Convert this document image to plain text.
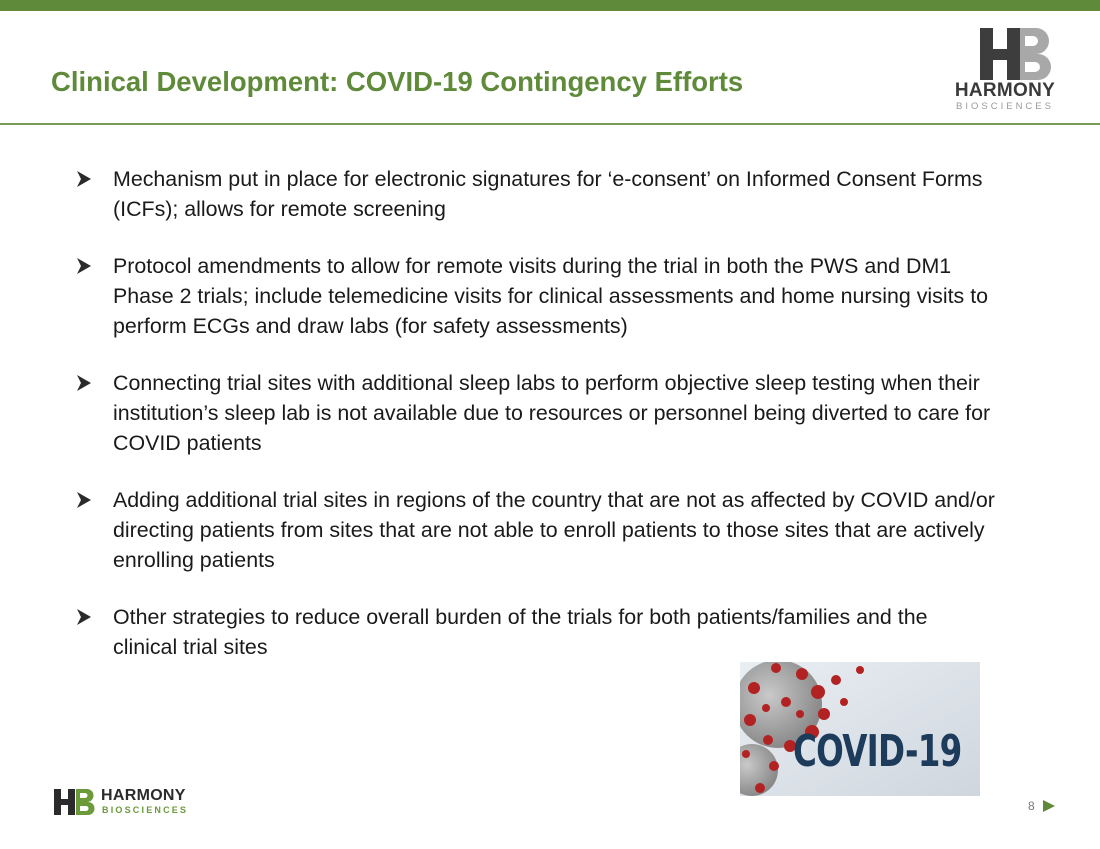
Clinical Development: COVID-19 Contingency Efforts	HARMONY
BIOSCIENCES
Mechanism put in place for electronic signatures for ‘e-consent’ on Informed Consent Forms (ICFs); allows for remote screening
Protocol amendments to allow for remote visits during the trial in both the PWS and DM1 Phase 2 trials; include telemedicine visits for clinical assessments and home nursing visits to perform ECGs and draw labs (for safety assessments)
Connecting trial sites with additional sleep labs to perform objective sleep testing when their institution’s sleep lab is not available due to resources or personnel being diverted to care for COVID patients
Adding additional trial sites in regions of the country that are not as affected by COVID and/or directing patients from sites that are not able to enroll patients to those sites that are actively enrolling patients
Other strategies to reduce overall burden of the trials for both patients/families and the clinical trial sites
COVID-19
HARMONY
BIOSCIENCES	8
